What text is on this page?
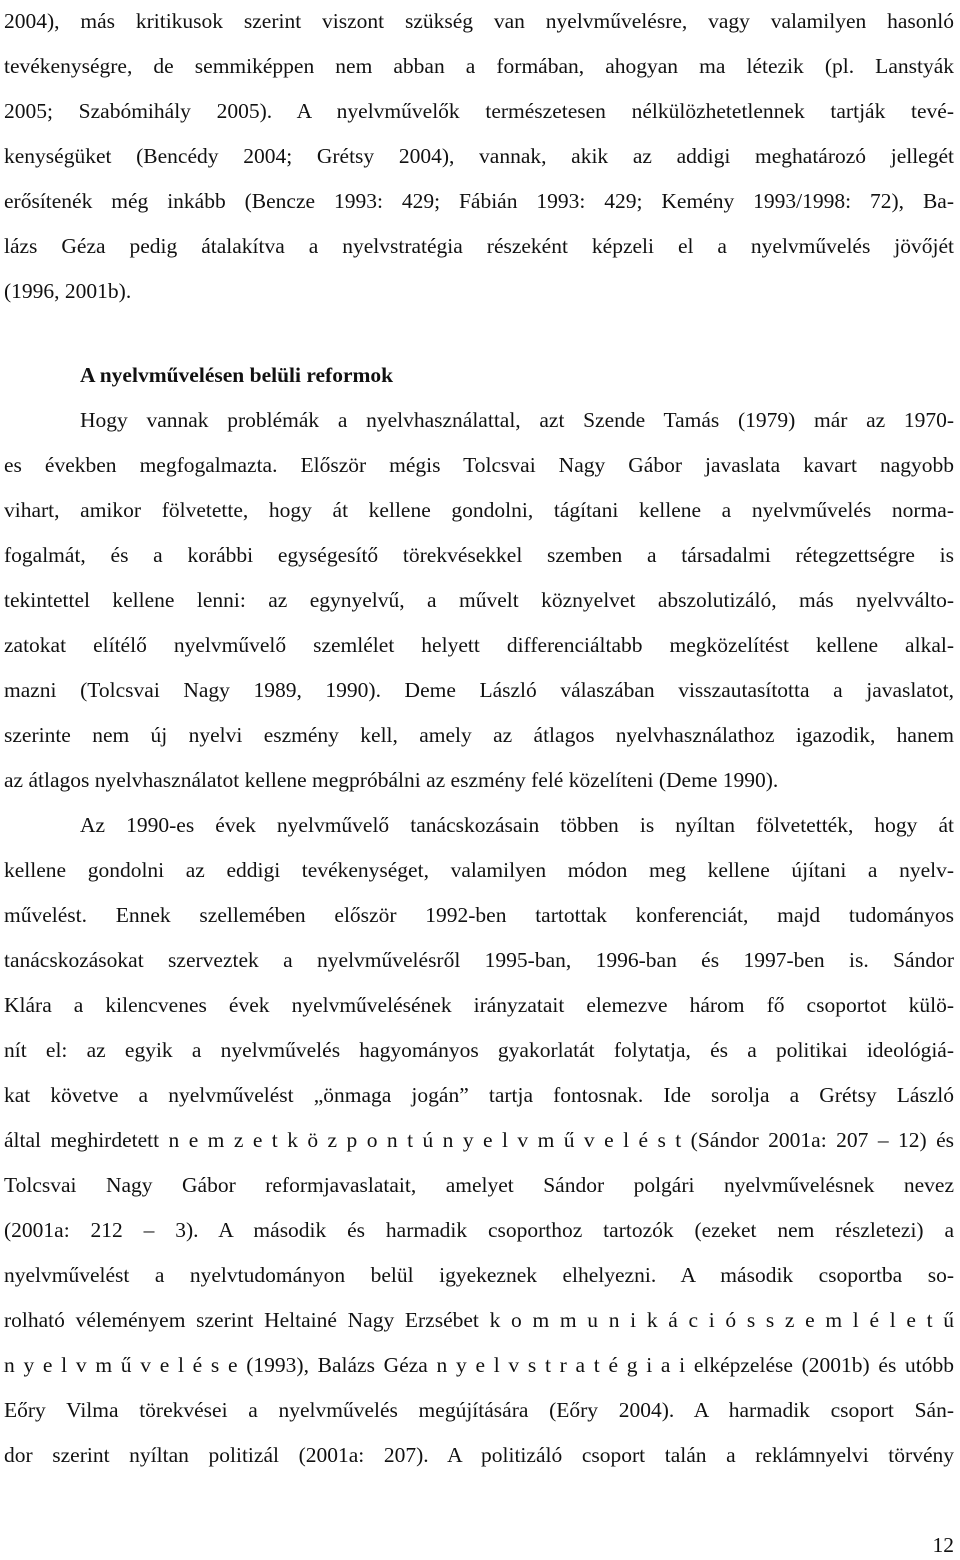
2004), más kritikusok szerint viszont szükség van nyelvművelésre, vagy valamilyen hasonló
tevékenységre, de semmiképpen nem abban a formában, ahogyan ma létezik (pl. Lanstyák
2005; Szabómihály 2005). A nyelvművelők természetesen nélkülözhetetlennek tartják tevé-
kenységüket (Bencédy 2004; Grétsy 2004), vannak, akik az addigi meghatározó jellegét
erősítenék még inkább (Bencze 1993: 429; Fábián 1993: 429; Kemény 1993/1998: 72), Ba-
lázs Géza pedig átalakítva a nyelvstratégia részeként képzeli el a nyelvművelés jövőjét
(1996, 2001b).
A nyelvművelésen belüli reformok
Hogy vannak problémák a nyelvhasználattal, azt Szende Tamás (1979) már az 1970-
es években megfogalmazta. Először mégis Tolcsvai Nagy Gábor javaslata kavart nagyobb
vihart, amikor fölvetette, hogy át kellene gondolni, tágítani kellene a nyelvművelés norma-
fogalmát, és a korábbi egységesítő törekvésekkel szemben a társadalmi rétegzettségre is
tekintettel kellene lenni: az egynyelvű, a művelt köznyelvet abszolutizáló, más nyelvválto-
zatokat elítélő nyelvművelő szemlélet helyett differenciáltabb megközelítést kellene alkal-
mazni (Tolcsvai Nagy 1989, 1990). Deme László válaszában visszautasította a javaslatot,
szerinte nem új nyelvi eszmény kell, amely az átlagos nyelvhasználathoz igazodik, hanem
az átlagos nyelvhasználatot kellene megpróbálni az eszmény felé közelíteni (Deme 1990).
Az 1990-es évek nyelvművelő tanácskozásain többen is nyíltan fölvetették, hogy át
kellene gondolni az eddigi tevékenységet, valamilyen módon meg kellene újítani a nyelv-
művelést. Ennek szellemében először 1992-ben tartottak konferenciát, majd tudományos
tanácskozásokat szerveztek a nyelvművelésről 1995-ban, 1996-ban és 1997-ben is. Sándor
Klára a kilencvenes évek nyelvművelésének irányzatait elemezve három fő csoportot külö-
nít el: az egyik a nyelvművelés hagyományos gyakorlatát folytatja, és a politikai ideológiá-
kat követve a nyelvművelést „önmaga jogán” tartja fontosnak. Ide sorolja a Grétsy László
által meghirdetett n e m z e t k ö z p o n t ú n y e l v m ű v e l é s t (Sándor 2001a: 207 – 12) és
Tolcsvai Nagy Gábor reformjavaslatait, amelyet Sándor polgári nyelvművelésnek nevez
(2001a: 212 – 3). A második és harmadik csoporthoz tartozók (ezeket nem részletezi) a
nyelvművelést a nyelvtudományon belül igyekeznek elhelyezni. A második csoportba so-
rolható véleményem szerint Heltainé Nagy Erzsébet k o m m u n i k á c i ó s s z e m l é l e t ű
n y e l v m ű v e l é s e (1993), Balázs Géza n y e l v s t r a t é g i a i elképzelése (2001b) és utóbb
Eőry Vilma törekvései a nyelvművelés megújítására (Eőry 2004). A harmadik csoport Sán-
dor szerint nyíltan politizál (2001a: 207). A politizáló csoport talán a reklámnyelvi törvény
12
